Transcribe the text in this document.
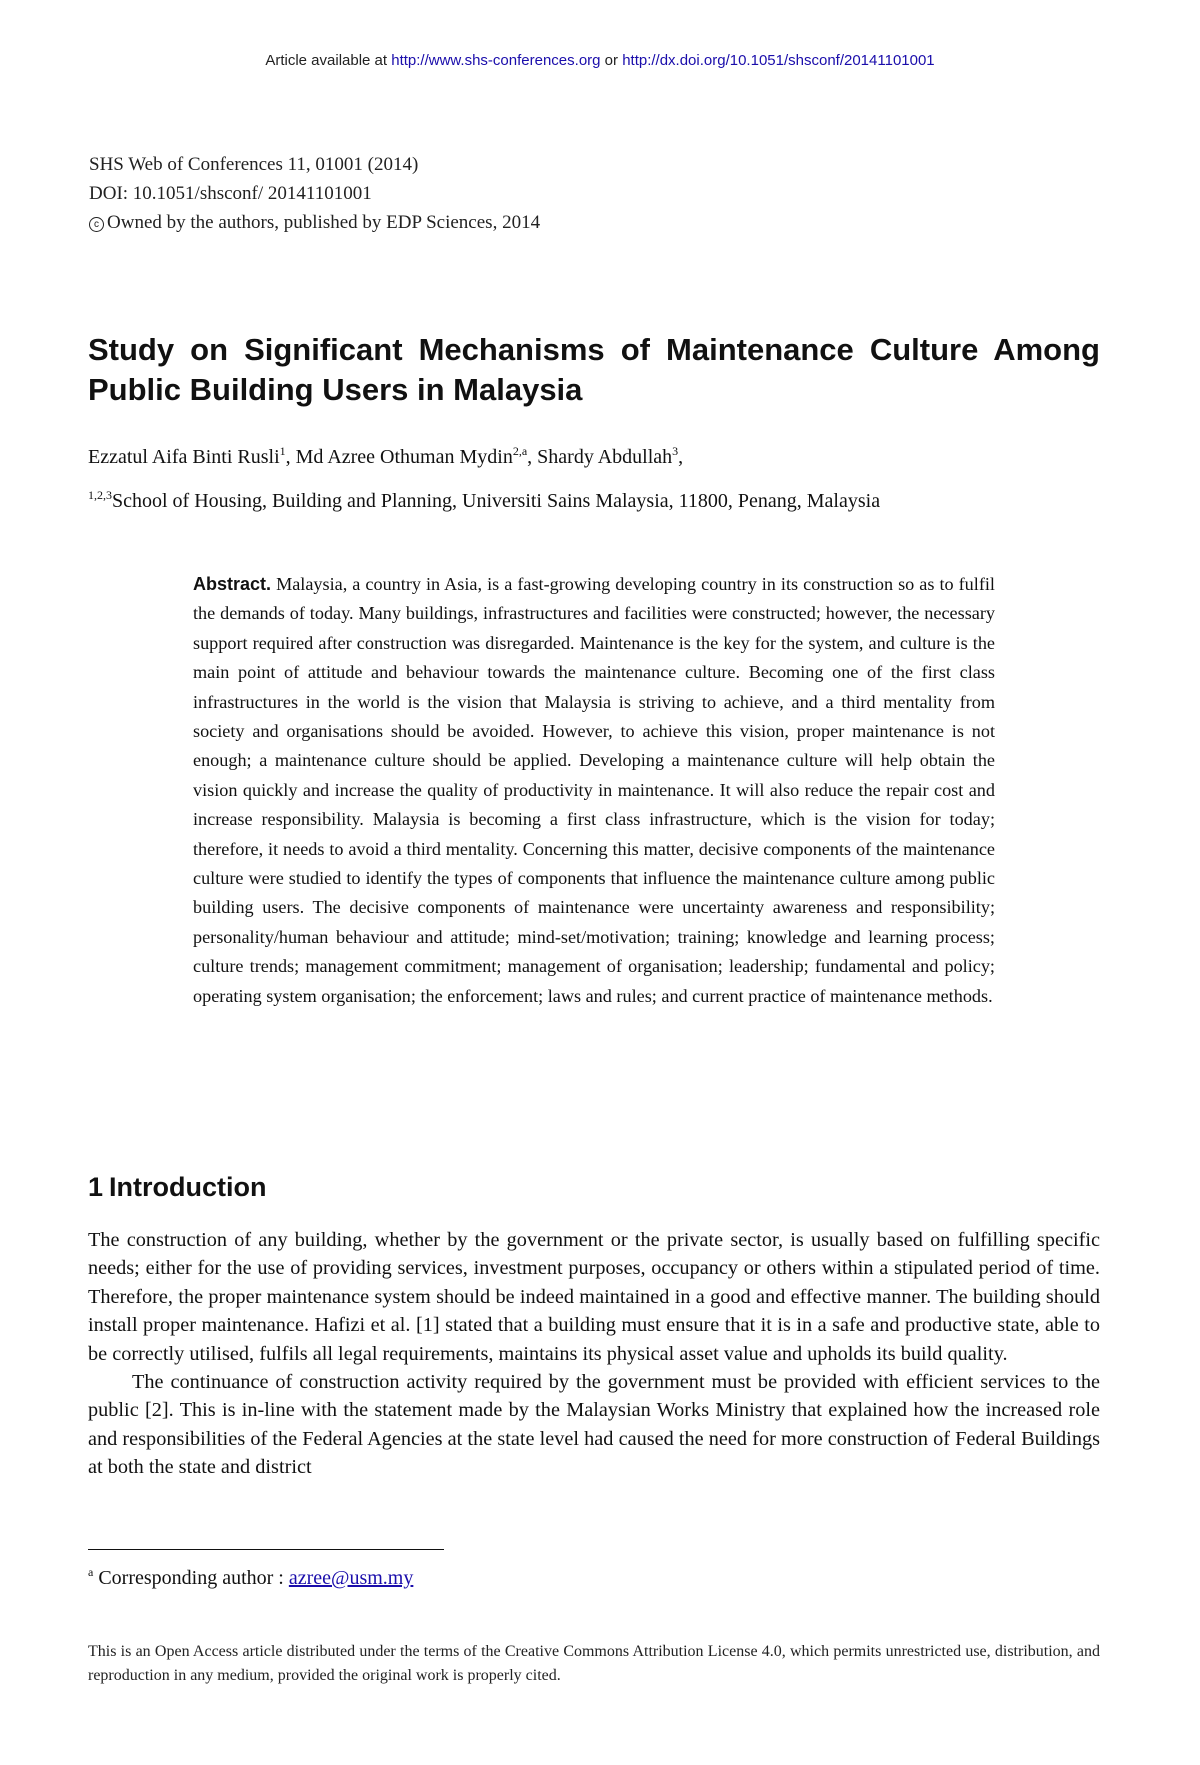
Article available at http://www.shs-conferences.org or http://dx.doi.org/10.1051/shsconf/20141101001
SHS Web of Conferences 11, 01001 (2014)
DOI: 10.1051/shsconf/ 20141101001
c Owned by the authors, published by EDP Sciences, 2014
Study on Significant Mechanisms of Maintenance Culture Among Public Building Users in Malaysia
Ezzatul Aifa Binti Rusli$^1$, Md Azree Othuman Mydin$^{2,a}$, Shardy Abdullah$^3$,
$^{1,2,3}$School of Housing, Building and Planning, Universiti Sains Malaysia, 11800, Penang, Malaysia
Abstract. Malaysia, a country in Asia, is a fast-growing developing country in its construction so as to fulfil the demands of today. Many buildings, infrastructures and facilities were constructed; however, the necessary support required after construction was disregarded. Maintenance is the key for the system, and culture is the main point of attitude and behaviour towards the maintenance culture. Becoming one of the first class infrastructures in the world is the vision that Malaysia is striving to achieve, and a third mentality from society and organisations should be avoided. However, to achieve this vision, proper maintenance is not enough; a maintenance culture should be applied. Developing a maintenance culture will help obtain the vision quickly and increase the quality of productivity in maintenance. It will also reduce the repair cost and increase responsibility. Malaysia is becoming a first class infrastructure, which is the vision for today; therefore, it needs to avoid a third mentality. Concerning this matter, decisive components of the maintenance culture were studied to identify the types of components that influence the maintenance culture among public building users. The decisive components of maintenance were uncertainty awareness and responsibility; personality/human behaviour and attitude; mind-set/motivation; training; knowledge and learning process; culture trends; management commitment; management of organisation; leadership; fundamental and policy; operating system organisation; the enforcement; laws and rules; and current practice of maintenance methods.
1 Introduction

The construction of any building, whether by the government or the private sector, is usually based on fulfilling specific needs; either for the use of providing services, investment purposes, occupancy or others within a stipulated period of time. Therefore, the proper maintenance system should be indeed maintained in a good and effective manner. The building should install proper maintenance. Hafizi et al. [1] stated that a building must ensure that it is in a safe and productive state, able to be correctly utilised, fulfils all legal requirements, maintains its physical asset value and upholds its build quality.

The continuance of construction activity required by the government must be provided with efficient services to the public [2]. This is in-line with the statement made by the Malaysian Works Ministry that explained how the increased role and responsibilities of the Federal Agencies at the state level had caused the need for more construction of Federal Buildings at both the state and district

$^a$ Corresponding author : azree@usm.my
This is an Open Access article distributed under the terms of the Creative Commons Attribution License 4.0, which permits unrestricted use, distribution, and reproduction in any medium, provided the original work is properly cited.
